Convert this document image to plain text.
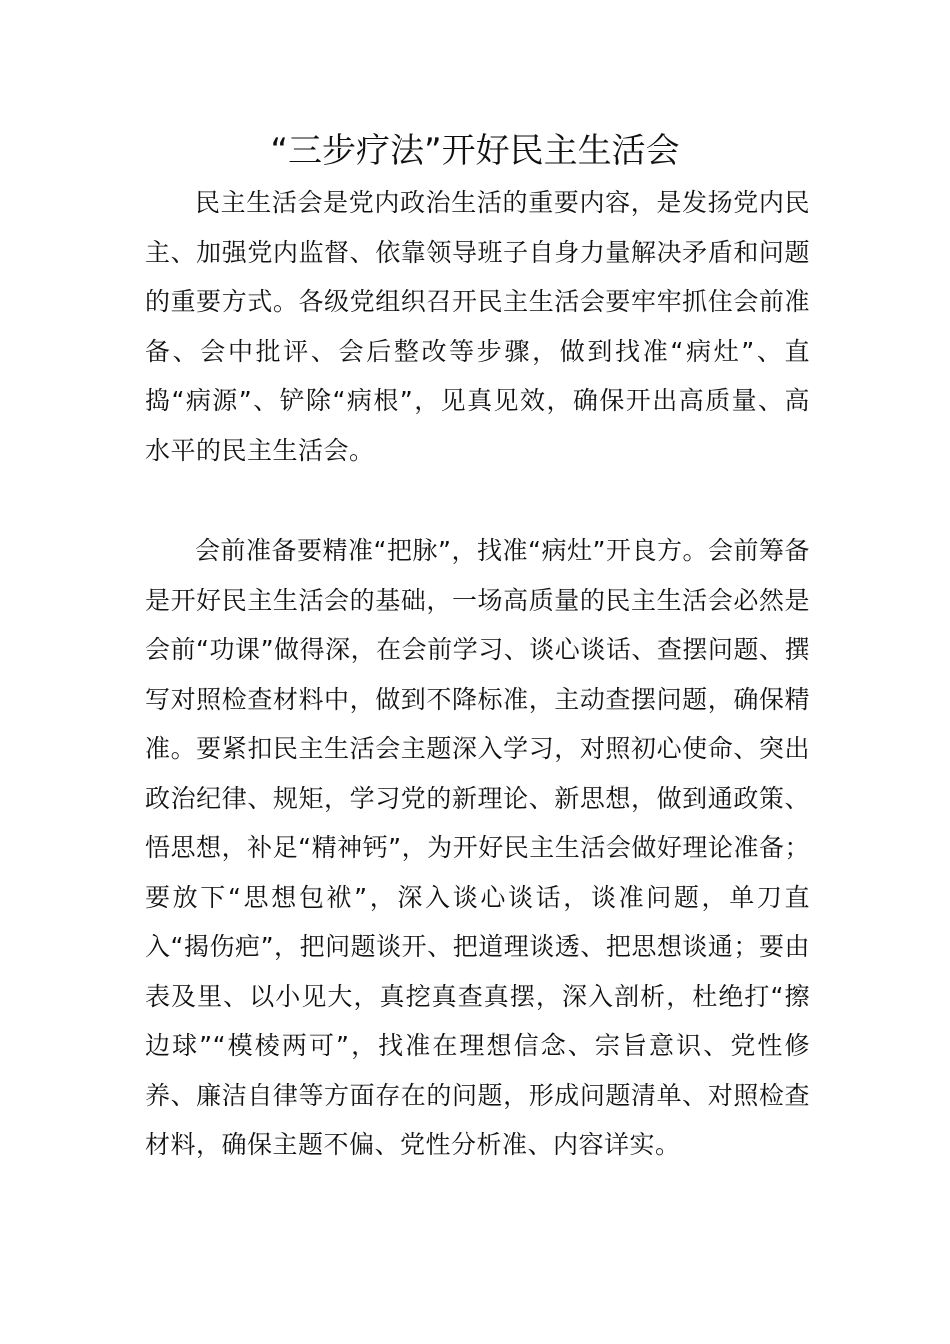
“三步疗法”开好民主生活会

民主生活会是党内政治生活的重要内容，是发扬党内民主、加强党内监督、依靠领导班子自身力量解决矛盾和问题的重要方式。各级党组织召开民主生活会要牢牢抓住会前准备、会中批评、会后整改等步骤，做到找准“病灶”、直捣“病源”、铲除“病根”，见真见效，确保开出高质量、高水平的民主生活会。

会前准备要精准“把脉”，找准“病灶”开良方。会前筹备是开好民主生活会的基础，一场高质量的民主生活会必然是会前“功课”做得深，在会前学习、谈心谈话、查摆问题、撰写对照检查材料中，做到不降标准，主动查摆问题，确保精准。要紧扣民主生活会主题深入学习，对照初心使命、突出政治纪律、规矩，学习党的新理论、新思想，做到通政策、悟思想，补足“精神钙”，为开好民主生活会做好理论准备；要放下“思想包袱”，深入谈心谈话，谈准问题，单刀直入“揭伤疤”，把问题谈开、把道理谈透、把思想谈通；要由表及里、以小见大，真挖真查真摆，深入剖析，杜绝打“擦边球”“模棱两可”，找准在理想信念、宗旨意识、党性修养、廉洁自律等方面存在的问题，形成问题清单、对照检查材料，确保主题不偏、党性分析准、内容详实。
